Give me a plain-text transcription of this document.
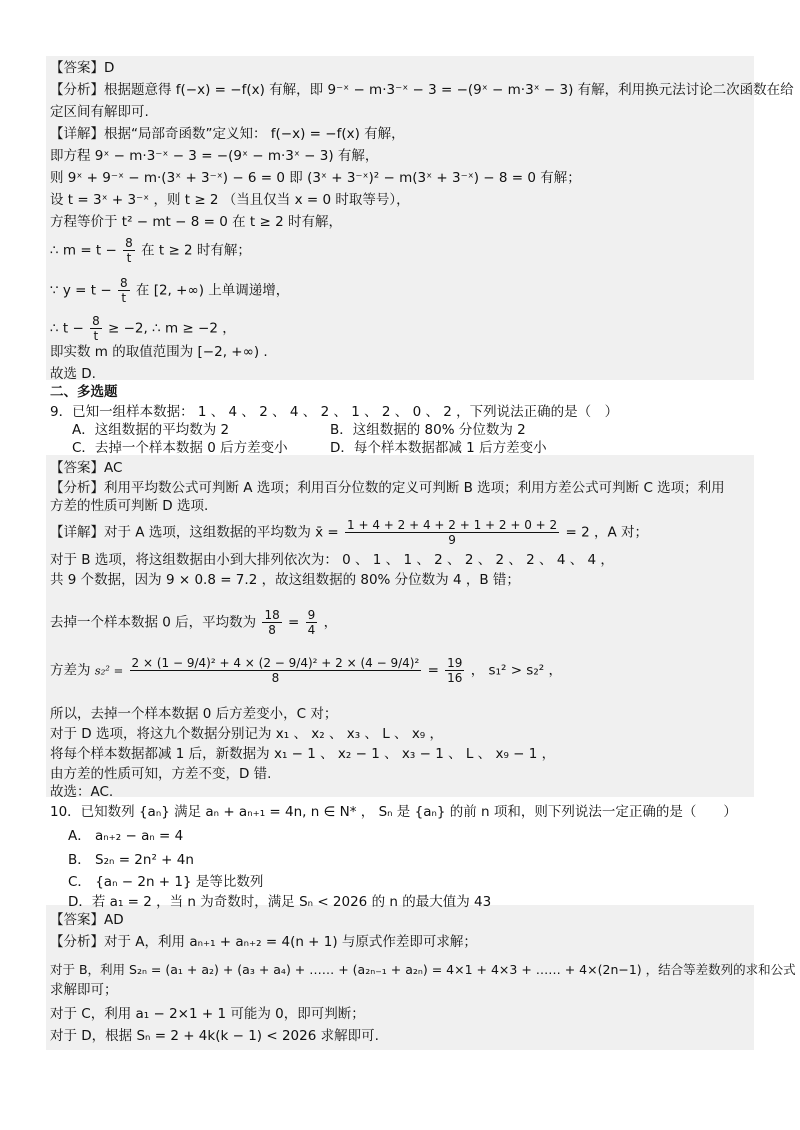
【答案】D
【分析】根据题意得 f(−x) = −f(x) 有解，即 9⁻ˣ − m·3⁻ˣ − 3 = −(9ˣ − m·3ˣ − 3) 有解，利用换元法讨论二次函数在给
定区间有解即可.
【详解】根据“局部奇函数”定义知： f(−x) = −f(x) 有解，
即方程 9ˣ − m·3⁻ˣ − 3 = −(9ˣ − m·3ˣ − 3) 有解，
则 9ˣ + 9⁻ˣ − m·(3ˣ + 3⁻ˣ) − 6 = 0 即 (3ˣ + 3⁻ˣ)² − m(3ˣ + 3⁻ˣ) − 8 = 0 有解；
设 t = 3ˣ + 3⁻ˣ ，则 t ≥ 2 （当且仅当 x = 0 时取等号），
方程等价于 t² − mt − 8 = 0 在 t ≥ 2 时有解，
∴ $m = t - \frac{8}{t}$ 在 t ≥ 2 时有解；
∵ $y = t - \frac{8}{t}$ 在 [2, +∞) 上单调递增，
∴ $t - \frac{8}{t} \ge -2$, ∴ m ≥ −2 ，
即实数 m 的取值范围为 [−2, +∞) .
故选 D.
二、多选题
9．已知一组样本数据： 1 、 4 、 2 、 4 、 2 、 1 、 2 、 0 、 2 ，下列说法正确的是（　）
A．这组数据的平均数为 2	B．这组数据的 80% 分位数为 2
C．去掉一个样本数据 0 后方差变小	D．每个样本数据都减 1 后方差变小
【答案】AC
【分析】利用平均数公式可判断 A 选项；利用百分位数的定义可判断 B 选项；利用方差公式可判断 C 选项；利用
方差的性质可判断 D 选项.
【详解】对于 A 选项，这组数据的平均数为 x̄ = $\frac{1 + 4 + 2 + 4 + 2 + 1 + 2 + 0 + 2}{9} = 2$ ，A 对；
对于 B 选项，将这组数据由小到大排列依次为： 0 、 1 、 1 、 2 、 2 、 2 、 2 、 4 、 4 ，
共 9 个数据，因为 9 × 0.8 = 7.2 ，故这组数据的 80% 分位数为 4 ，B 错；
去掉一个样本数据 0 后，平均数为 $\frac{18}{8} = \frac{9}{4}$ ，
方差为 $s_2^2 = \frac{\text{2 × (1 − 9/4)² + 4 × (2 − 9/4)² + 2 × (4 − 9/4)²}}{8} = \frac{19}{16}$ ， s₁² > s₂² ，
所以，去掉一个样本数据 0 后方差变小，C 对；
对于 D 选项，将这九个数据分别记为 x₁ 、 x₂ 、 x₃ 、 L 、 x₉ ，
将每个样本数据都减 1 后，新数据为 x₁ − 1 、 x₂ − 1 、 x₃ − 1 、 L 、 x₉ − 1 ，
由方差的性质可知，方差不变，D 错.
故选：AC.
10．已知数列 {aₙ} 满足 aₙ + aₙ₊₁ = 4n, n ∈ N* ， Sₙ 是 {aₙ} 的前 n 项和，则下列说法一定正确的是（　　）
A． aₙ₊₂ − aₙ = 4
B． S₂ₙ = 2n² + 4n
C． {aₙ − 2n + 1} 是等比数列
D．若 a₁ = 2 ，当 n 为奇数时，满足 Sₙ < 2026 的 n 的最大值为 43
【答案】AD
【分析】对于 A，利用 aₙ₊₁ + aₙ₊₂ = 4(n + 1) 与原式作差即可求解；
对于 B，利用 S₂ₙ = (a₁ + a₂) + (a₃ + a₄) + …… + (a₂ₙ₋₁ + a₂ₙ) = 4×1 + 4×3 + …… + 4×(2n−1) ，结合等差数列的求和公式
求解即可；
对于 C，利用 a₁ − 2×1 + 1 可能为 0，即可判断；
对于 D，根据 Sₙ = 2 + 4k(k − 1) < 2026 求解即可.
